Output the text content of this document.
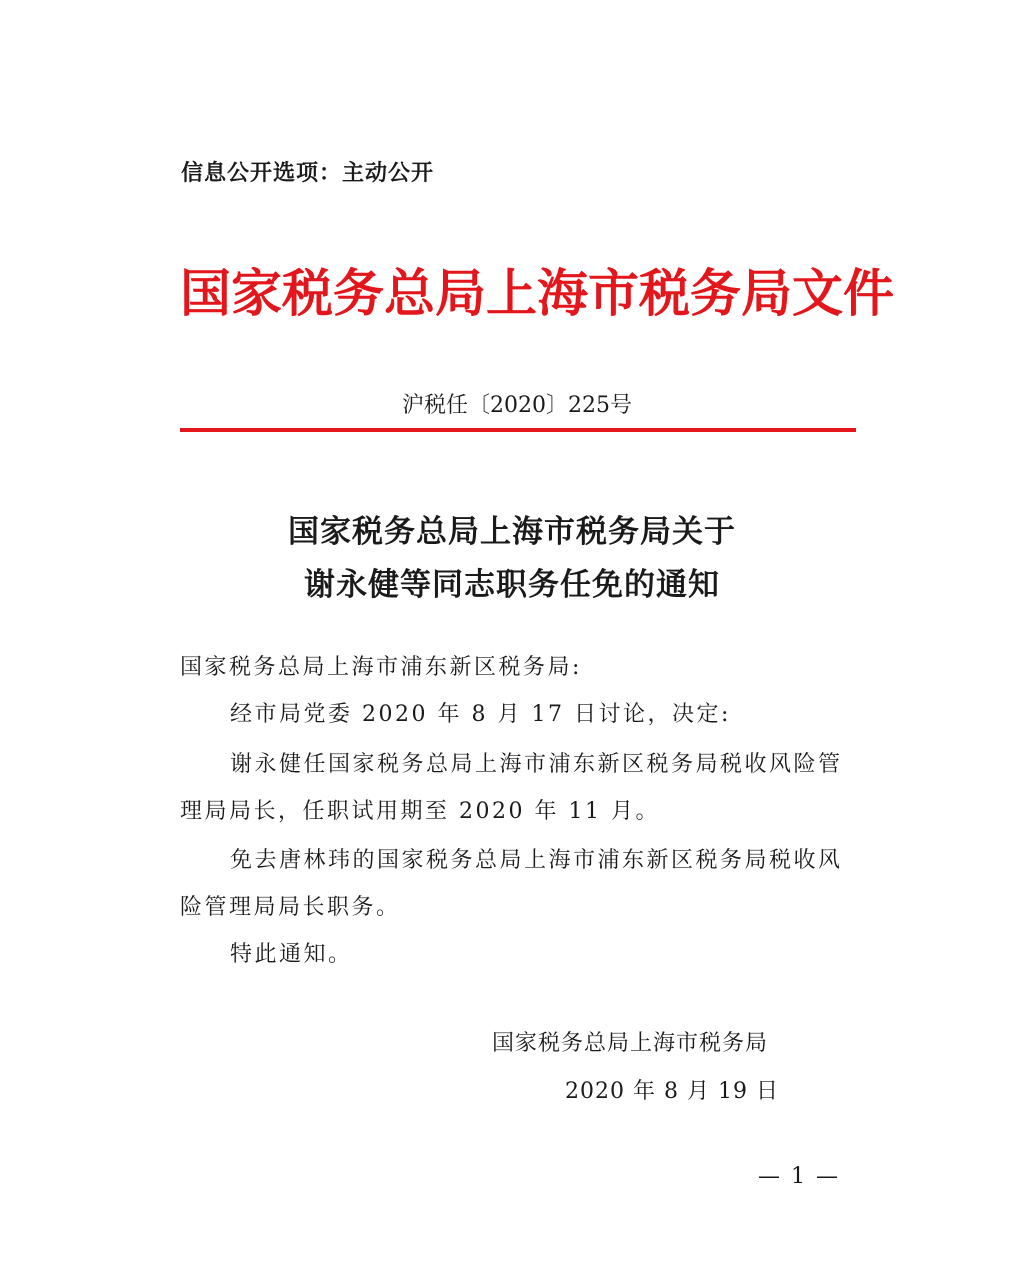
信息公开选项：主动公开
国家税务总局上海市税务局文件
沪税任〔2020〕225号
国家税务总局上海市税务局关于
谢永健等同志职务任免的通知
国家税务总局上海市浦东新区税务局:
经市局党委 2020 年 8 月 17 日讨论，决定:
谢永健任国家税务总局上海市浦东新区税务局税收风险管
理局局长，任职试用期至 2020 年 11 月。
免去唐林玮的国家税务总局上海市浦东新区税务局税收风
险管理局局长职务。
特此通知。
国家税务总局上海市税务局
2020 年 8 月 19 日
— 1 —
